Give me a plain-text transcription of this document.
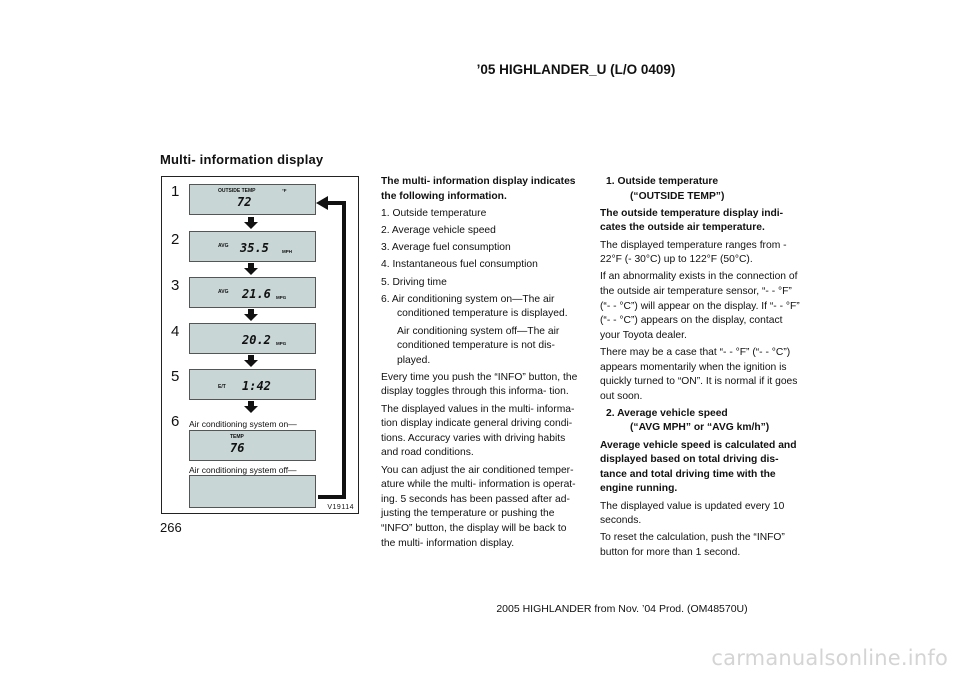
’05 HIGHLANDER_U (L/O 0409)
Multi- information display
1	OUTSIDE TEMP	°F
72
2	AVG 35.5	MPH
3	AVG 21.6 MPG
4	20.2 MPG
5
E/T 1:42
6 Air conditioning system on—
TEMP
76
Air conditioning system off—
V19114

The multi- information display indicates the following information.

1. Outside temperature

2. Average vehicle speed

3. Average fuel consumption

4. Instantaneous fuel consumption

5. Driving time

6. Air conditioning system on—The air conditioned temperature is displayed.

Air conditioning system off—The air conditioned temperature is not dis- played.

Every time you push the “INFO” button, the display toggles through this informa- tion.

The displayed values in the multi- informa- tion display indicate general driving condi- tions. Accuracy varies with driving habits and road conditions.

You can adjust the air conditioned temper- ature while the multi- information is operat- ing. 5 seconds has been passed after ad- justing the temperature or pushing the “INFO” button, the display will be back to the multi- information display.

1. Outside temperature
(“OUTSIDE TEMP”)

The outside temperature display indi- cates the outside air temperature.

The displayed temperature ranges from - 22°F (- 30°C) up to 122°F (50°C).

If an abnormality exists in the connection of the outside air temperature sensor, “- - °F” (“- - °C”) will appear on the display. If “- - °F” (“- - °C”) appears on the display, contact your Toyota dealer.

There may be a case that “- - °F” (“- - °C”) appears momentarily when the ignition is quickly turned to “ON”. It is normal if it goes out soon.

2. Average vehicle speed
(“AVG MPH” or “AVG km/h”)

Average vehicle speed is calculated and displayed based on total driving dis- tance and total driving time with the engine running.

The displayed value is updated every 10 seconds.

To reset the calculation, push the “INFO” button for more than 1 second.

266
2005 HIGHLANDER from Nov. ’04 Prod. (OM48570U)
carmanualsonline.info
